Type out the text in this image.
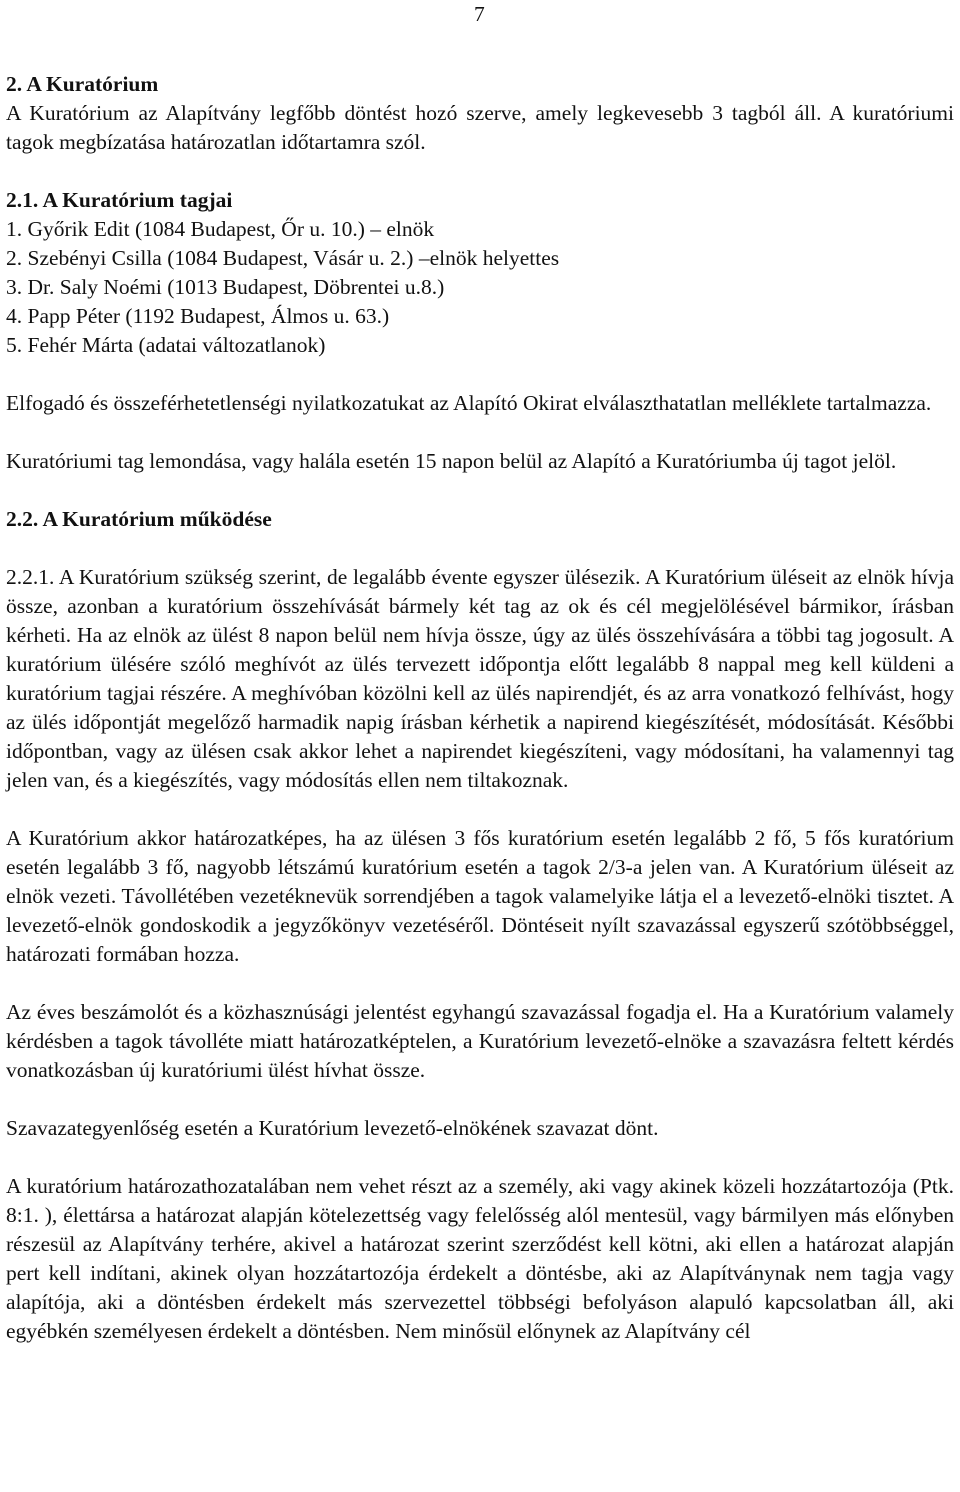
7
2. A Kuratórium

A Kuratórium az Alapítvány legfőbb döntést hozó szerve, amely legkevesebb 3 tagból áll. A kuratóriumi tagok megbízatása határozatlan időtartamra szól.

2.1. A Kuratórium tagjai
1. Győrik Edit (1084 Budapest, Őr u. 10.) – elnök
2. Szebényi Csilla (1084 Budapest, Vásár u. 2.) –elnök helyettes
3. Dr. Saly Noémi (1013 Budapest, Döbrentei u.8.)
4. Papp Péter (1192 Budapest, Álmos u. 63.)
5. Fehér Márta (adatai változatlanok)

Elfogadó és összeférhetetlenségi nyilatkozatukat az Alapító Okirat elválaszthatatlan melléklete tartalmazza.

Kuratóriumi tag lemondása, vagy halála esetén 15 napon belül az Alapító a Kuratóriumba új tagot jelöl.

2.2. A Kuratórium működése

2.2.1. A Kuratórium szükség szerint, de legalább évente egyszer ülésezik. A Kuratórium üléseit az elnök hívja össze, azonban a kuratórium összehívását bármely két tag az ok és cél megjelölésével bármikor, írásban kérheti. Ha az elnök az ülést 8 napon belül nem hívja össze, úgy az ülés összehívására a többi tag jogosult. A kuratórium ülésére szóló meghívót az ülés tervezett időpontja előtt legalább 8 nappal meg kell küldeni a kuratórium tagjai részére. A meghívóban közölni kell az ülés napirendjét, és az arra vonatkozó felhívást, hogy az ülés időpontját megelőző harmadik napig írásban kérhetik a napirend kiegészítését, módosítását. Későbbi időpontban, vagy az ülésen csak akkor lehet a napirendet kiegészíteni, vagy módosítani, ha valamennyi tag jelen van, és a kiegészítés, vagy módosítás ellen nem tiltakoznak.

A Kuratórium akkor határozatképes, ha az ülésen 3 fős kuratórium esetén legalább 2 fő, 5 fős kuratórium esetén legalább 3 fő, nagyobb létszámú kuratórium esetén a tagok 2/3-a jelen van. A Kuratórium üléseit az elnök vezeti. Távollétében vezetéknevük sorrendjében a tagok valamelyike látja el a levezető-elnöki tisztet. A levezető-elnök gondoskodik a jegyzőkönyv vezetéséről. Döntéseit nyílt szavazással egyszerű szótöbbséggel, határozati formában hozza.

Az éves beszámolót és a közhasznúsági jelentést egyhangú szavazással fogadja el. Ha a Kuratórium valamely kérdésben a tagok távolléte miatt határozatképtelen, a Kuratórium levezető-elnöke a szavazásra feltett kérdés vonatkozásban új kuratóriumi ülést hívhat össze.

Szavazategyenlőség esetén a Kuratórium levezető-elnökének szavazat dönt.

A kuratórium határozathozatalában nem vehet részt az a személy, aki vagy akinek közeli hozzátartozója (Ptk. 8:1. ), élettársa a határozat alapján kötelezettség vagy felelősség alól mentesül, vagy bármilyen más előnyben részesül az Alapítvány terhére, akivel a határozat szerint szerződést kell kötni, aki ellen a határozat alapján pert kell indítani, akinek olyan hozzátartozója érdekelt a döntésbe, aki az Alapítványnak nem tagja vagy alapítója, aki a döntésben érdekelt más szervezettel többségi befolyáson alapuló kapcsolatban áll, aki egyébkén személyesen érdekelt a döntésben. Nem minősül előnynek az Alapítvány cél
